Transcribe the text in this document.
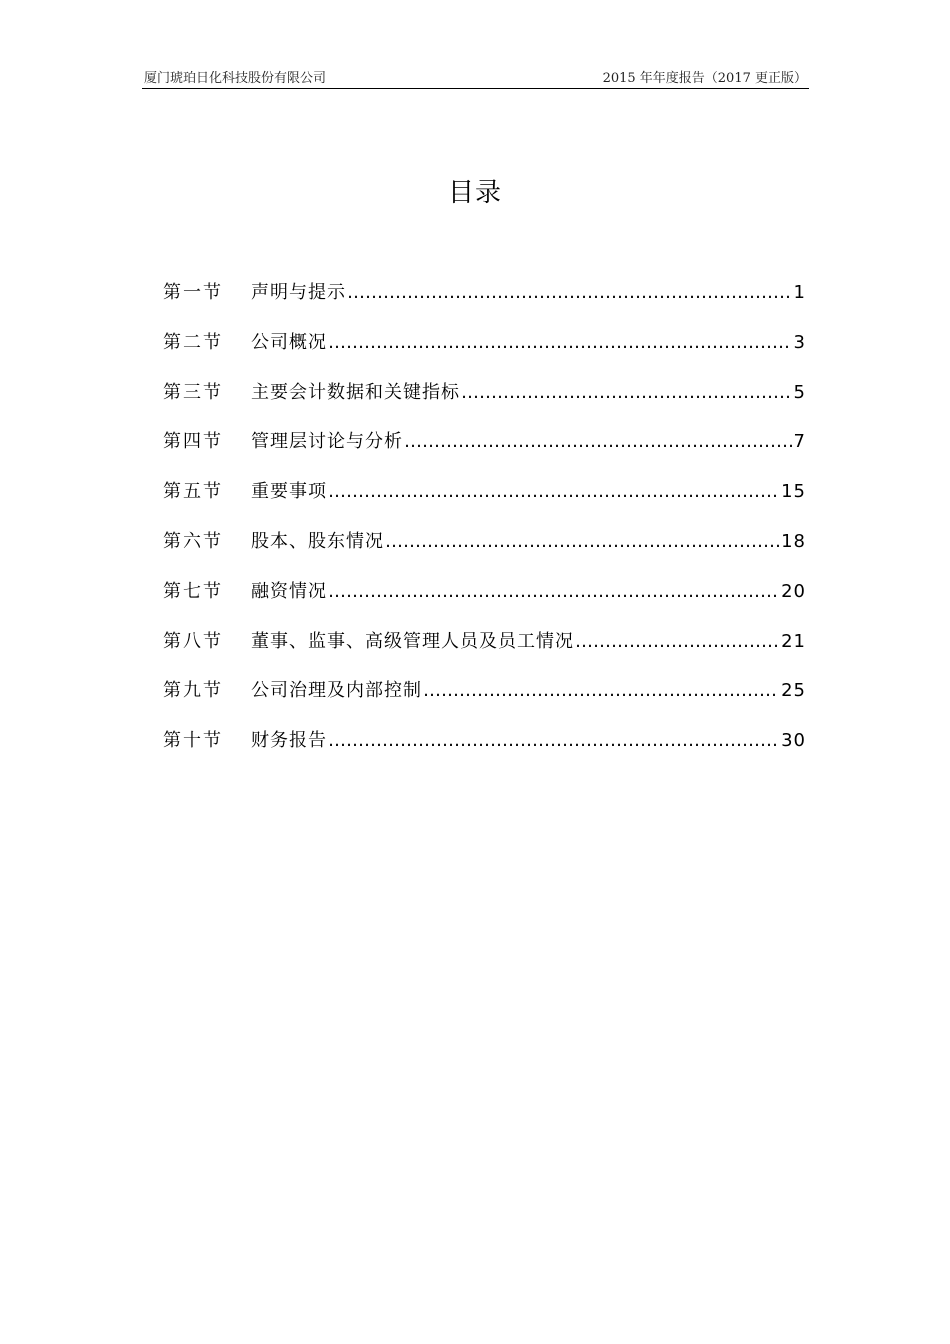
厦门琥珀日化科技股份有限公司	2015 年年度报告（2017 更正版）
目录
第一节	声明与提示 ……………………………………………………………………………………………………………………………………………………………………	1
第二节	公司概况 ……………………………………………………………………………………………………………………………………………………………………	3
第三节	主要会计数据和关键指标 ……………………………………………………………………………………………………………………………………………………………………	5
第四节	管理层讨论与分析 ……………………………………………………………………………………………………………………………………………………………………	7
第五节	重要事项 ……………………………………………………………………………………………………………………………………………………………………	15
第六节	股本、股东情况 ……………………………………………………………………………………………………………………………………………………………………	18
第七节	融资情况 ……………………………………………………………………………………………………………………………………………………………………	20
第八节	董事、监事、高级管理人员及员工情况 ……………………………………………………………………………………………………………………………………………………………………	21
第九节	公司治理及内部控制 ……………………………………………………………………………………………………………………………………………………………………	25
第十节	财务报告 ……………………………………………………………………………………………………………………………………………………………………	30
